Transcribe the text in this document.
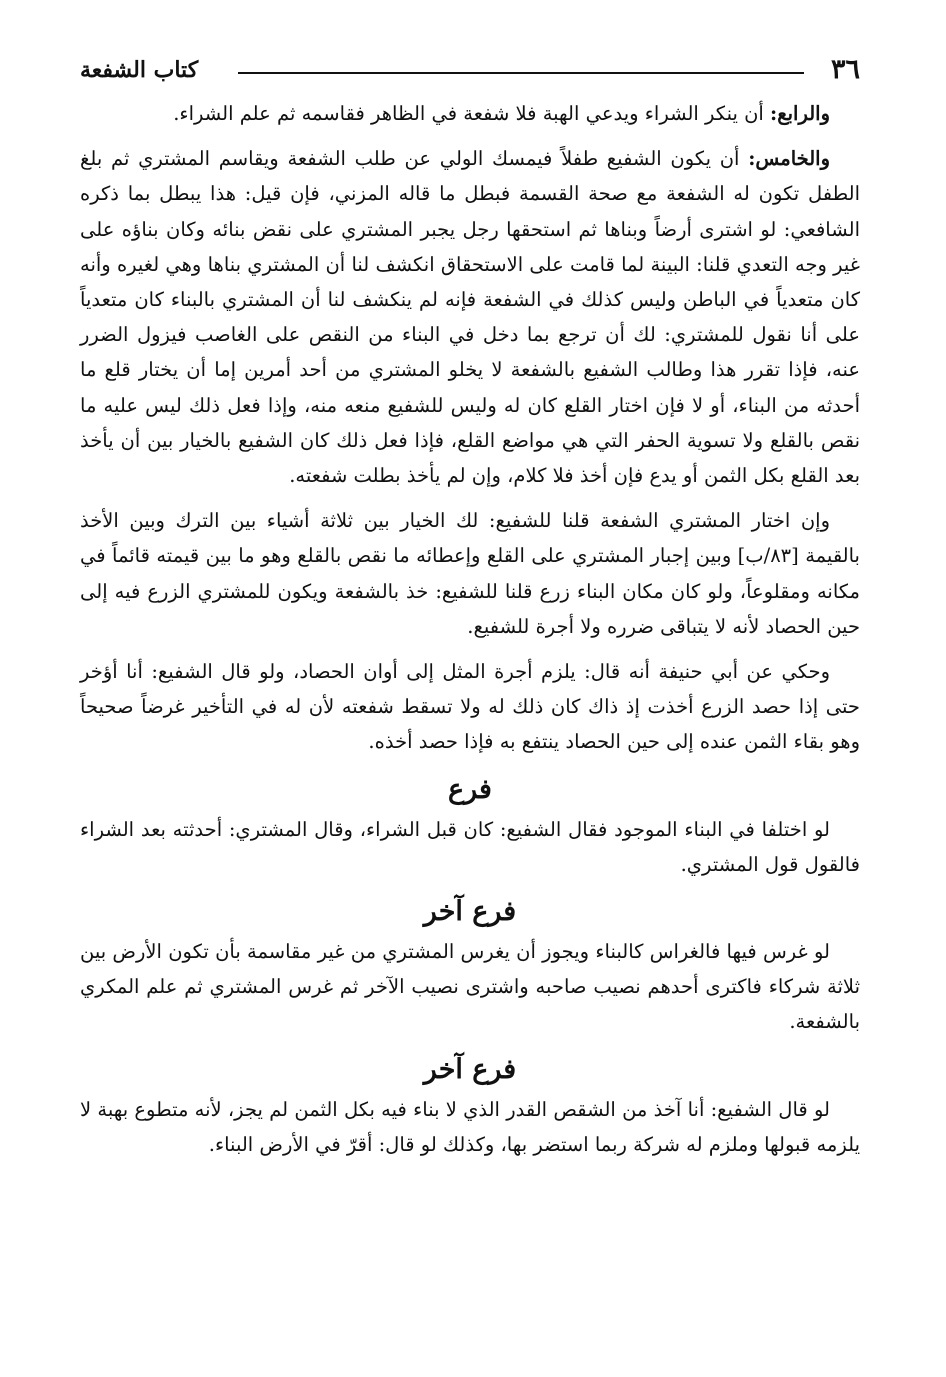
٣٦
كتاب الشفعة

والرابع: أن ينكر الشراء ويدعي الهبة فلا شفعة في الظاهر فقاسمه ثم علم الشراء.

والخامس: أن يكون الشفيع طفلاً فيمسك الولي عن طلب الشفعة ويقاسم المشتري ثم بلغ الطفل تكون له الشفعة مع صحة القسمة فبطل ما قاله المزني، فإن قيل: هذا يبطل بما ذكره الشافعي: لو اشترى أرضاً وبناها ثم استحقها رجل يجبر المشتري على نقض بنائه وكان بناؤه على غير وجه التعدي قلنا: البينة لما قامت على الاستحقاق انكشف لنا أن المشتري بناها وهي لغيره وأنه كان متعدياً في الباطن وليس كذلك في الشفعة فإنه لم ينكشف لنا أن المشتري بالبناء كان متعدياً على أنا نقول للمشتري: لك أن ترجع بما دخل في البناء من النقص على الغاصب فيزول الضرر عنه، فإذا تقرر هذا وطالب الشفيع بالشفعة لا يخلو المشتري من أحد أمرين إما أن يختار قلع ما أحدثه من البناء، أو لا فإن اختار القلع كان له وليس للشفيع منعه منه، وإذا فعل ذلك ليس عليه ما نقص بالقلع ولا تسوية الحفر التي هي مواضع القلع، فإذا فعل ذلك كان الشفيع بالخيار بين أن يأخذ بعد القلع بكل الثمن أو يدع فإن أخذ فلا كلام، وإن لم يأخذ بطلت شفعته.

وإن اختار المشتري الشفعة قلنا للشفيع: لك الخيار بين ثلاثة أشياء بين الترك وبين الأخذ بالقيمة [٨٣/ب] وبين إجبار المشتري على القلع وإعطائه ما نقص بالقلع وهو ما بين قيمته قائماً في مكانه ومقلوعاً، ولو كان مكان البناء زرع قلنا للشفيع: خذ بالشفعة ويكون للمشتري الزرع فيه إلى حين الحصاد لأنه لا يتباقى ضرره ولا أجرة للشفيع.

وحكي عن أبي حنيفة أنه قال: يلزم أجرة المثل إلى أوان الحصاد، ولو قال الشفيع: أنا أؤخر حتى إذا حصد الزرع أخذت إذ ذاك كان ذلك له ولا تسقط شفعته لأن له في التأخير غرضاً صحيحاً وهو بقاء الثمن عنده إلى حين الحصاد ينتفع به فإذا حصد أخذه.

فرع

لو اختلفا في البناء الموجود فقال الشفيع: كان قبل الشراء، وقال المشتري: أحدثته بعد الشراء فالقول قول المشتري.

فرع آخر

لو غرس فيها فالغراس كالبناء ويجوز أن يغرس المشتري من غير مقاسمة بأن تكون الأرض بين ثلاثة شركاء فاكترى أحدهم نصيب صاحبه واشترى نصيب الآخر ثم غرس المشتري ثم علم المكري بالشفعة.

فرع آخر

لو قال الشفيع: أنا آخذ من الشقص القدر الذي لا بناء فيه بكل الثمن لم يجز، لأنه متطوع بهبة لا يلزمه قبولها وملزم له شركة ربما استضر بها، وكذلك لو قال: أقرّ في الأرض البناء.
